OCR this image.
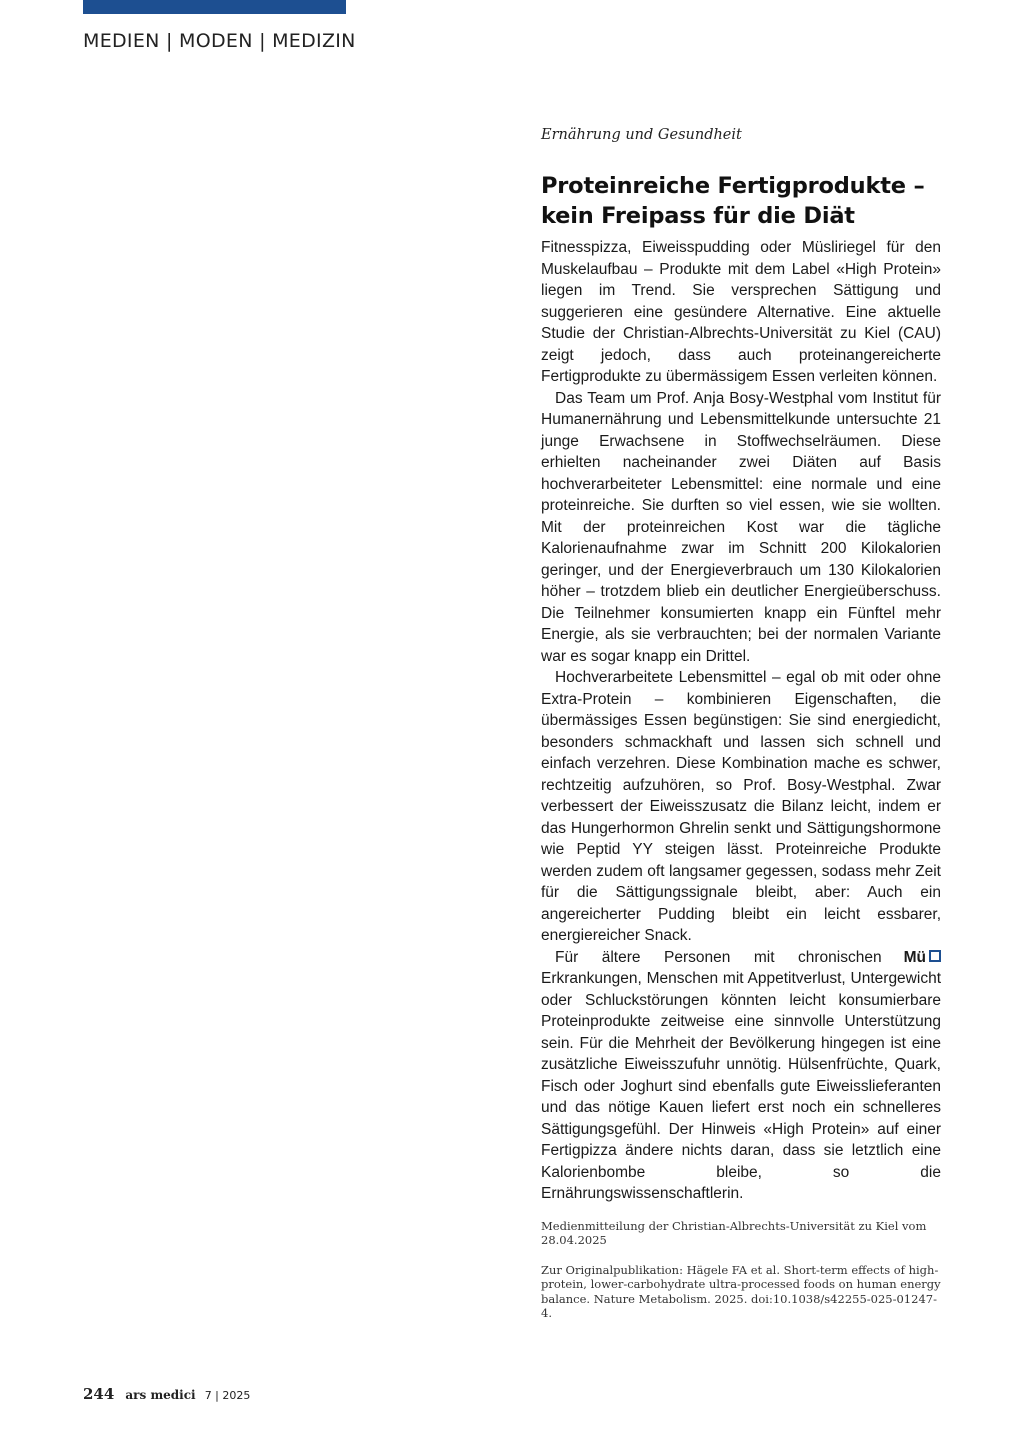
MEDIEN | MODEN | MEDIZIN
Ernährung und Gesundheit
Proteinreiche Fertigprodukte –
kein Freipass für die Diät

Fitnesspizza, Eiweisspudding oder Müsliriegel für den Muskelaufbau – Produkte mit dem Label «High Protein» liegen im Trend. Sie versprechen Sättigung und suggerieren eine gesündere Alternative. Eine aktuelle Studie der Christian-Albrechts-Universität zu Kiel (CAU) zeigt jedoch, dass auch proteinangereicherte Fertigprodukte zu übermässigem Essen verleiten können.

Das Team um Prof. Anja Bosy-Westphal vom Institut für Humanernährung und Lebensmittelkunde untersuchte 21 junge Erwachsene in Stoffwechselräumen. Diese erhielten nacheinander zwei Diäten auf Basis hochverarbeiteter Lebensmittel: eine normale und eine proteinreiche. Sie durften so viel essen, wie sie wollten. Mit der proteinreichen Kost war die tägliche Kalorienaufnahme zwar im Schnitt 200 Kilokalorien geringer, und der Energieverbrauch um 130 Kilokalorien höher – trotzdem blieb ein deutlicher Energieüberschuss. Die Teilnehmer konsumierten knapp ein Fünftel mehr Energie, als sie verbrauchten; bei der normalen Variante war es sogar knapp ein Drittel.

Hochverarbeitete Lebensmittel – egal ob mit oder ohne Extra-Protein – kombinieren Eigenschaften, die übermässiges Essen begünstigen: Sie sind energiedicht, besonders schmackhaft und lassen sich schnell und einfach verzehren. Diese Kombination mache es schwer, rechtzeitig aufzuhören, so Prof. Bosy-Westphal. Zwar verbessert der Eiweisszusatz die Bilanz leicht, indem er das Hungerhormon Ghrelin senkt und Sättigungshormone wie Peptid YY steigen lässt. Proteinreiche Produkte werden zudem oft langsamer gegessen, sodass mehr Zeit für die Sättigungssignale bleibt, aber: Auch ein angereicherter Pudding bleibt ein leicht essbarer, energiereicher Snack.

Mü
Für ältere Personen mit chronischen Erkrankungen, Menschen mit Appetitverlust, Untergewicht oder Schluckstörungen könnten leicht konsumierbare Proteinprodukte zeitweise eine sinnvolle Unterstützung sein. Für die Mehrheit der Bevölkerung hingegen ist eine zusätzliche Eiweisszufuhr unnötig. Hülsenfrüchte, Quark, Fisch oder Joghurt sind ebenfalls gute Eiweisslieferanten und das nötige Kauen liefert erst noch ein schnelleres Sättigungsgefühl. Der Hinweis «High Protein» auf einer Fertigpizza ändere nichts daran, dass sie letztlich eine Kalorienbombe bleibe, so die Ernährungswissenschaftlerin.

Medienmitteilung der Christian-Albrechts-Universität zu Kiel vom 28.04.2025
Zur Originalpublikation: Hägele FA et al. Short-term effects of high-protein, lower-carbohydrate ultra-processed foods on human energy balance. Nature Metabolism. 2025. doi:10.1038/s42255-025-01247-4.
244 ars medici 7 | 2025
